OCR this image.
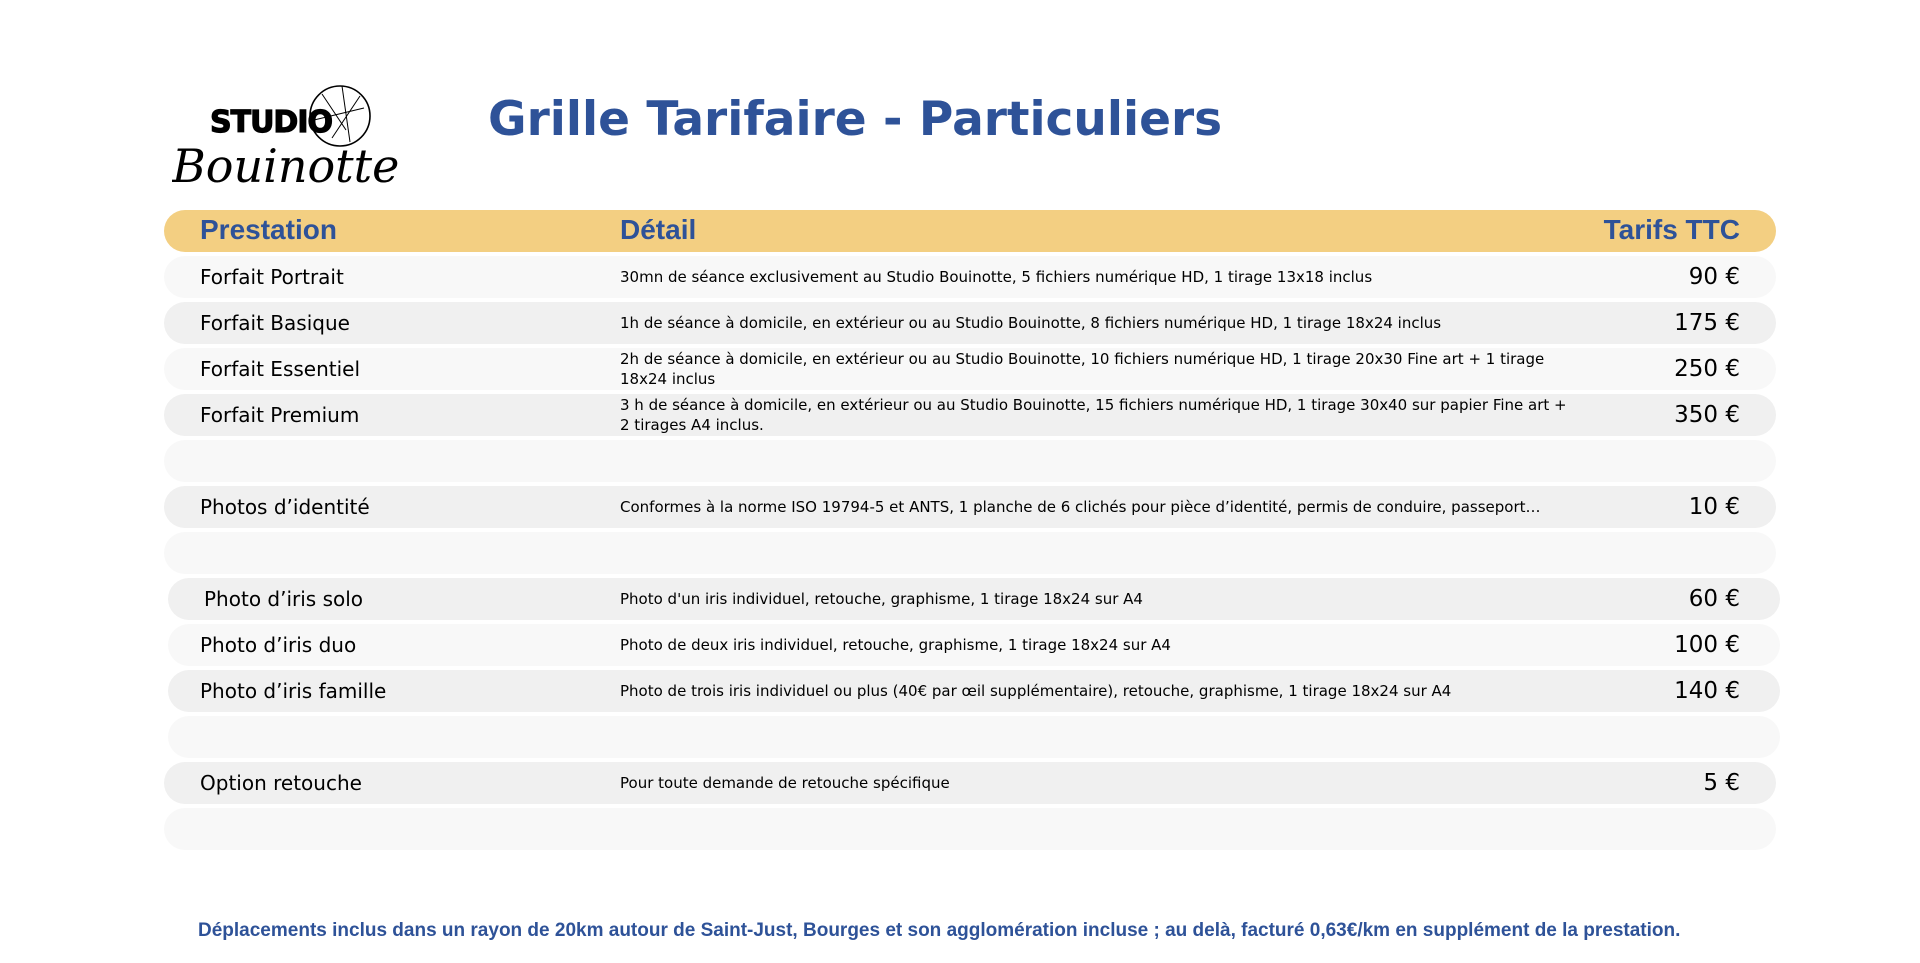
STUDIO
Bouinotte
Grille Tarifaire - Particuliers
Prestation	Détail	Tarifs TTC
Forfait Portrait	30mn de séance exclusivement au Studio Bouinotte, 5 fichiers numérique HD, 1 tirage 13x18 inclus	90 €
Forfait Basique	1h de séance à domicile, en extérieur ou au Studio Bouinotte, 8 fichiers numérique HD, 1 tirage 18x24 inclus	175 €
Forfait Essentiel	2h de séance à domicile, en extérieur ou au Studio Bouinotte, 10 fichiers numérique HD, 1 tirage 20x30 Fine art + 1 tirage 18x24 inclus	250 €
Forfait Premium	3 h de séance à domicile, en extérieur ou au Studio Bouinotte, 15 fichiers numérique HD, 1 tirage 30x40 sur papier Fine art + 2 tirages A4 inclus.	350 €
Photos d’identité	Conformes à la norme ISO 19794-5 et ANTS, 1 planche de 6 clichés pour pièce d’identité, permis de conduire, passeport…	10 €
Photo d’iris solo	Photo d'un iris individuel, retouche, graphisme, 1 tirage 18x24 sur A4	60 €
Photo d’iris duo	Photo de deux iris individuel, retouche, graphisme, 1 tirage 18x24 sur A4	100 €
Photo d’iris famille	Photo de trois iris individuel ou plus (40€ par œil supplémentaire), retouche, graphisme, 1 tirage 18x24 sur A4	140 €
Option retouche	Pour toute demande de retouche spécifique	5 €
Déplacements inclus dans un rayon de 20km autour de Saint-Just, Bourges et son agglomération incluse ; au delà, facturé 0,63€/km en supplément de la prestation.
